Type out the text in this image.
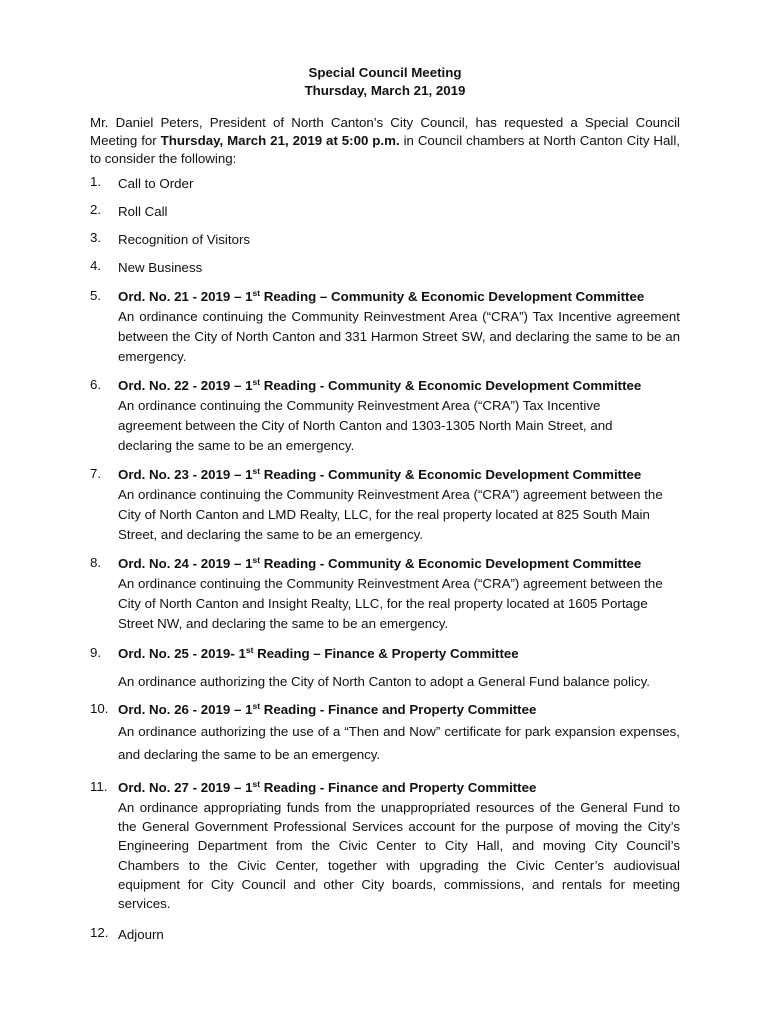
Special Council Meeting
Thursday, March 21, 2019
Mr. Daniel Peters, President of North Canton’s City Council, has requested a Special Council Meeting for Thursday, March 21, 2019 at 5:00 p.m. in Council chambers at North Canton City Hall, to consider the following:
1. Call to Order
2. Roll Call
3. Recognition of Visitors
4. New Business
5. Ord. No. 21 - 2019 – 1st Reading – Community & Economic Development Committee
An ordinance continuing the Community Reinvestment Area (“CRA”) Tax Incentive agreement between the City of North Canton and 331 Harmon Street SW, and declaring the same to be an emergency.
6. Ord. No. 22 - 2019 – 1st Reading - Community & Economic Development Committee
An ordinance continuing the Community Reinvestment Area (“CRA”) Tax Incentive agreement between the City of North Canton and 1303-1305 North Main Street, and declaring the same to be an emergency.
7. Ord. No. 23 - 2019 – 1st Reading - Community & Economic Development Committee
An ordinance continuing the Community Reinvestment Area (“CRA”) agreement between the City of North Canton and LMD Realty, LLC, for the real property located at 825 South Main Street, and declaring the same to be an emergency.
8. Ord. No. 24 - 2019 – 1st Reading - Community & Economic Development Committee
An ordinance continuing the Community Reinvestment Area (“CRA”) agreement between the City of North Canton and Insight Realty, LLC, for the real property located at 1605 Portage Street NW, and declaring the same to be an emergency.
9. Ord. No. 25 - 2019- 1st Reading – Finance & Property Committee
An ordinance authorizing the City of North Canton to adopt a General Fund balance policy.
10. Ord. No. 26 - 2019 – 1st Reading - Finance and Property Committee
An ordinance authorizing the use of a “Then and Now” certificate for park expansion expenses, and declaring the same to be an emergency.
11. Ord. No. 27 - 2019 – 1st Reading - Finance and Property Committee
An ordinance appropriating funds from the unappropriated resources of the General Fund to the General Government Professional Services account for the purpose of moving the City’s Engineering Department from the Civic Center to City Hall, and moving City Council’s Chambers to the Civic Center, together with upgrading the Civic Center’s audiovisual equipment for City Council and other City boards, commissions, and rentals for meeting services.
12. Adjourn
